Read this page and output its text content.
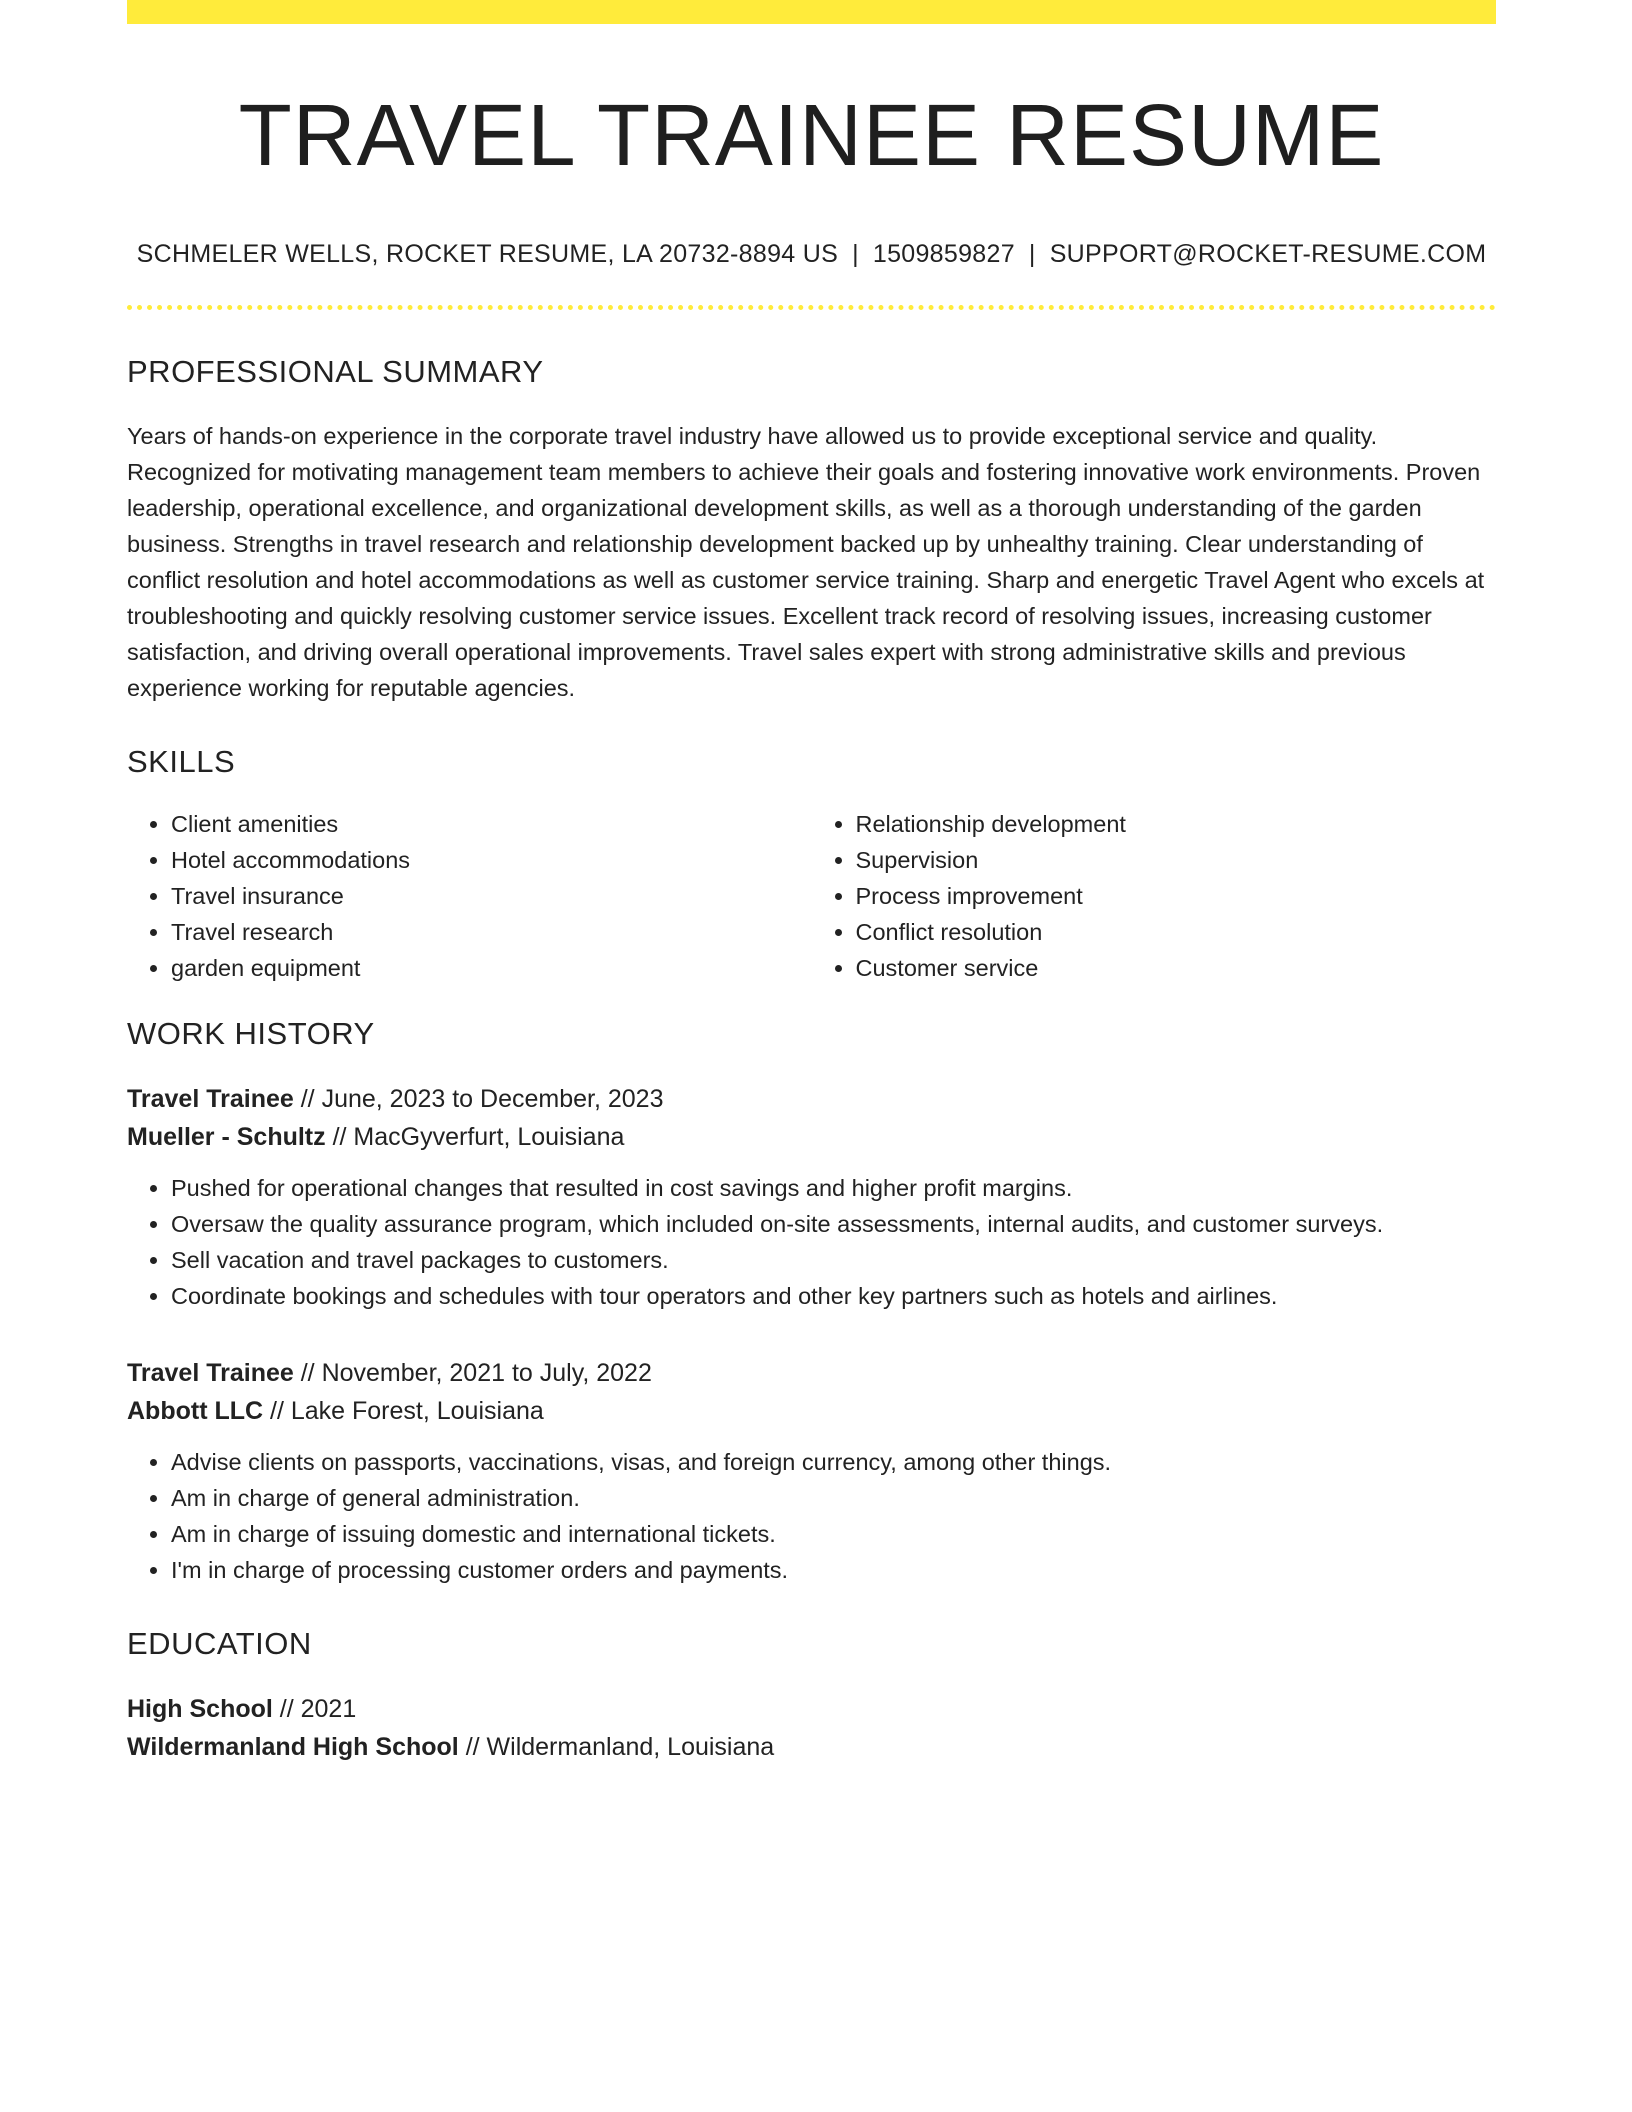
TRAVEL TRAINEE RESUME
SCHMELER WELLS, ROCKET RESUME, LA 20732-8894 US | 1509859827 | SUPPORT@ROCKET-RESUME.COM
PROFESSIONAL SUMMARY

Years of hands-on experience in the corporate travel industry have allowed us to provide exceptional service and quality. Recognized for motivating management team members to achieve their goals and fostering innovative work environments. Proven leadership, operational excellence, and organizational development skills, as well as a thorough understanding of the garden business. Strengths in travel research and relationship development backed up by unhealthy training. Clear understanding of conflict resolution and hotel accommodations as well as customer service training. Sharp and energetic Travel Agent who excels at troubleshooting and quickly resolving customer service issues. Excellent track record of resolving issues, increasing customer satisfaction, and driving overall operational improvements. Travel sales expert with strong administrative skills and previous experience working for reputable agencies.

SKILLS
• Client amenities
• Hotel accommodations
• Travel insurance
• Travel research
• garden equipment
• Relationship development
• Supervision
• Process improvement
• Conflict resolution
• Customer service
WORK HISTORY
Travel Trainee // June, 2023 to December, 2023
Mueller - Schultz // MacGyverfurt, Louisiana
• Pushed for operational changes that resulted in cost savings and higher profit margins.
• Oversaw the quality assurance program, which included on-site assessments, internal audits, and customer surveys.
• Sell vacation and travel packages to customers.
• Coordinate bookings and schedules with tour operators and other key partners such as hotels and airlines.
Travel Trainee // November, 2021 to July, 2022
Abbott LLC // Lake Forest, Louisiana
• Advise clients on passports, vaccinations, visas, and foreign currency, among other things.
• Am in charge of general administration.
• Am in charge of issuing domestic and international tickets.
• I'm in charge of processing customer orders and payments.
EDUCATION
High School // 2021
Wildermanland High School // Wildermanland, Louisiana
